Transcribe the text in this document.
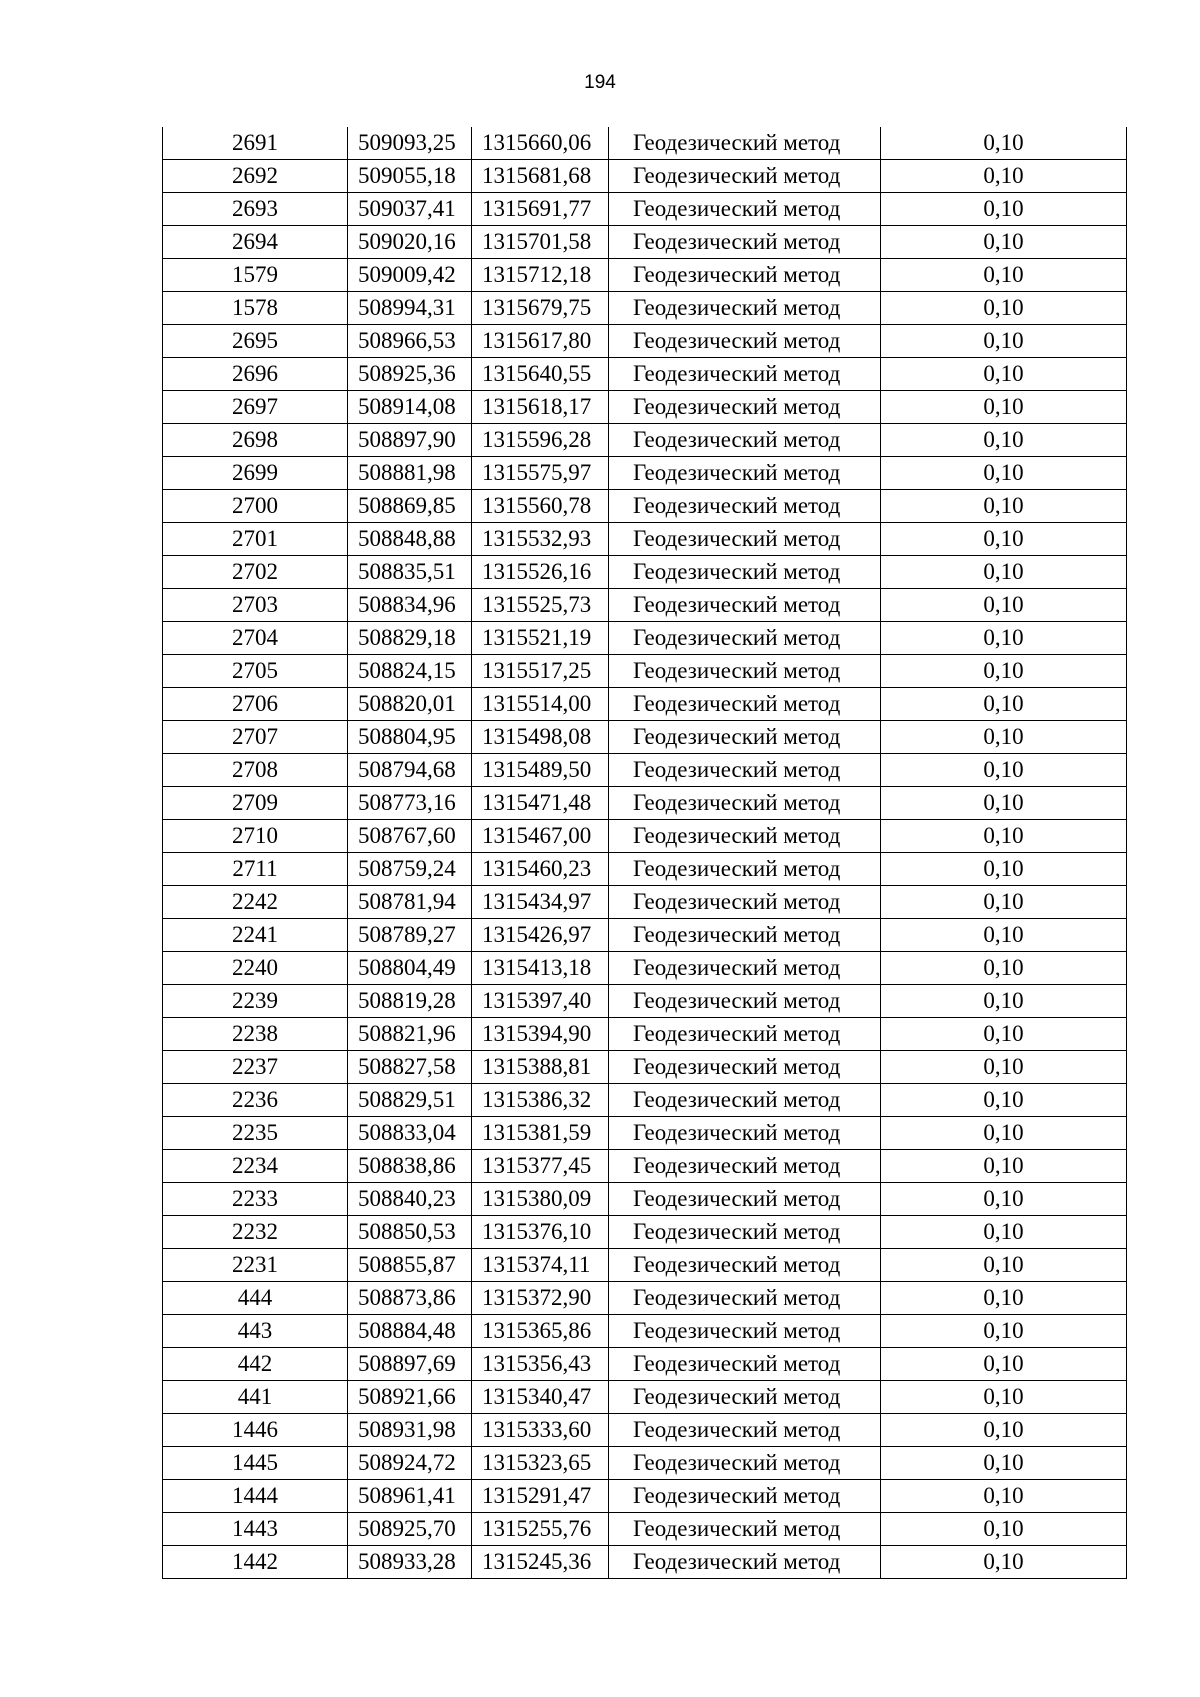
194
2691	509093,25	1315660,06	Геодезический метод	0,10
2692	509055,18	1315681,68	Геодезический метод	0,10
2693	509037,41	1315691,77	Геодезический метод	0,10
2694	509020,16	1315701,58	Геодезический метод	0,10
1579	509009,42	1315712,18	Геодезический метод	0,10
1578	508994,31	1315679,75	Геодезический метод	0,10
2695	508966,53	1315617,80	Геодезический метод	0,10
2696	508925,36	1315640,55	Геодезический метод	0,10
2697	508914,08	1315618,17	Геодезический метод	0,10
2698	508897,90	1315596,28	Геодезический метод	0,10
2699	508881,98	1315575,97	Геодезический метод	0,10
2700	508869,85	1315560,78	Геодезический метод	0,10
2701	508848,88	1315532,93	Геодезический метод	0,10
2702	508835,51	1315526,16	Геодезический метод	0,10
2703	508834,96	1315525,73	Геодезический метод	0,10
2704	508829,18	1315521,19	Геодезический метод	0,10
2705	508824,15	1315517,25	Геодезический метод	0,10
2706	508820,01	1315514,00	Геодезический метод	0,10
2707	508804,95	1315498,08	Геодезический метод	0,10
2708	508794,68	1315489,50	Геодезический метод	0,10
2709	508773,16	1315471,48	Геодезический метод	0,10
2710	508767,60	1315467,00	Геодезический метод	0,10
2711	508759,24	1315460,23	Геодезический метод	0,10
2242	508781,94	1315434,97	Геодезический метод	0,10
2241	508789,27	1315426,97	Геодезический метод	0,10
2240	508804,49	1315413,18	Геодезический метод	0,10
2239	508819,28	1315397,40	Геодезический метод	0,10
2238	508821,96	1315394,90	Геодезический метод	0,10
2237	508827,58	1315388,81	Геодезический метод	0,10
2236	508829,51	1315386,32	Геодезический метод	0,10
2235	508833,04	1315381,59	Геодезический метод	0,10
2234	508838,86	1315377,45	Геодезический метод	0,10
2233	508840,23	1315380,09	Геодезический метод	0,10
2232	508850,53	1315376,10	Геодезический метод	0,10
2231	508855,87	1315374,11	Геодезический метод	0,10
444	508873,86	1315372,90	Геодезический метод	0,10
443	508884,48	1315365,86	Геодезический метод	0,10
442	508897,69	1315356,43	Геодезический метод	0,10
441	508921,66	1315340,47	Геодезический метод	0,10
1446	508931,98	1315333,60	Геодезический метод	0,10
1445	508924,72	1315323,65	Геодезический метод	0,10
1444	508961,41	1315291,47	Геодезический метод	0,10
1443	508925,70	1315255,76	Геодезический метод	0,10
1442	508933,28	1315245,36	Геодезический метод	0,10
